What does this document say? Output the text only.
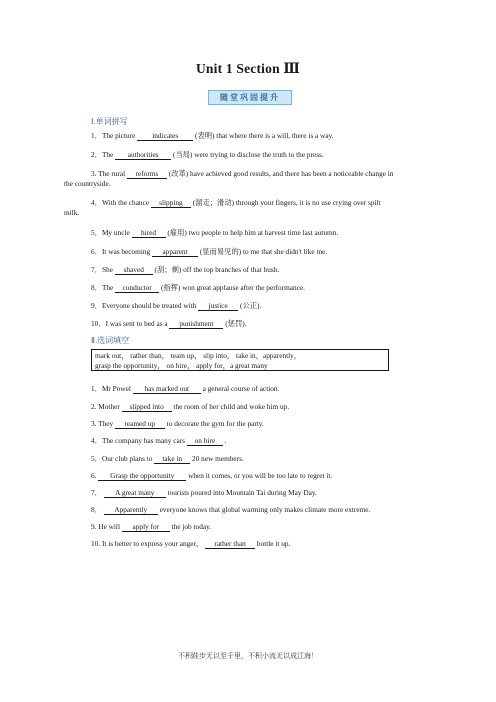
Unit 1 Section Ⅲ
随堂巩固提升
Ⅰ.单词拼写
1．The picture indicates (表明) that where there is a will, there is a way.
2．The authorities (当局) were trying to disclose the truth to the press.
3. The rural reforms (改革) have achieved good results, and there has been a noticeable change in the countryside.
4．With the chance slipping (溜走；滑动) through your fingers, it is no use crying over spilt milk.
5．My uncle hired (雇用) two people to help him at harvest time last autumn.
6．It was becoming apparent (显而易见的) to me that she didn't like me.
7．She shaved (刮；剃) off the top branches of that bush.
8．The conductor (指挥) won great applause after the performance.
9．Everyone should be treated with justice (公正).
10．I was sent to bed as a punishment (惩罚).
Ⅱ.选词填空
mark out， rather than， team up， slip into， take in，apparently，
grasp the opportunity， on hire， apply for，a great many
1．Mr Powel has marked out a general course of action.
2. Mother slipped into the room of her child and woke him up.
3. They teamed up to decorate the gym for the party.
4．The company has many cars on hire .
5．Our club plans to take in 20 new members.
6. Grasp the opportunity when it comes, or you will be too late to regret it.
7． A great many tourists poured into Mountain Tai during May Day.
8． Apparently everyone knows that global warming only makes climate more extreme.
9. He will apply for the job today.
10. It is better to express your anger， rather than bottle it up.
不积跬步无以至千里，不积小流无以成江海！
